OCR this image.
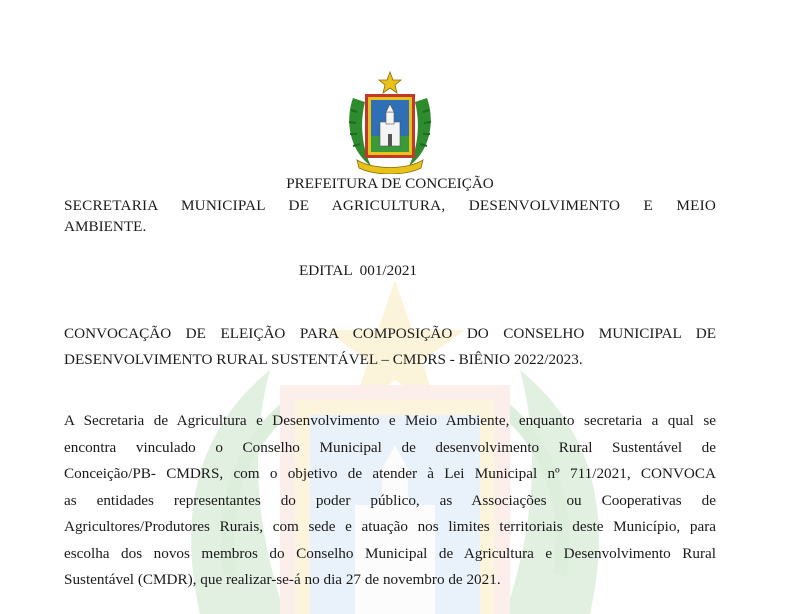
PREFEITURA DE CONCEIÇÃO
SECRETARIA MUNICIPAL DE AGRICULTURA, DESENVOLVIMENTO E MEIO
AMBIENTE.
EDITAL  001/2021
CONVOCAÇÃO DE ELEIÇÃO PARA COMPOSIÇÃO DO CONSELHO MUNICIPAL DE
DESENVOLVIMENTO RURAL SUSTENTÁVEL – CMDRS - BIÊNIO 2022/2023.
A Secretaria de Agricultura e Desenvolvimento e Meio Ambiente, enquanto secretaria a qual se
encontra vinculado o Conselho Municipal de desenvolvimento Rural Sustentável de
Conceição/PB- CMDRS, com o objetivo de atender à Lei Municipal nº 711/2021, CONVOCA
as entidades representantes do poder público, as Associações ou Cooperativas de
Agricultores/Produtores Rurais, com sede e atuação nos limites territoriais deste Município, para
escolha dos novos membros do Conselho Municipal de Agricultura e Desenvolvimento Rural
Sustentável (CMDR), que realizar-se-á no dia 27 de novembro de 2021.
